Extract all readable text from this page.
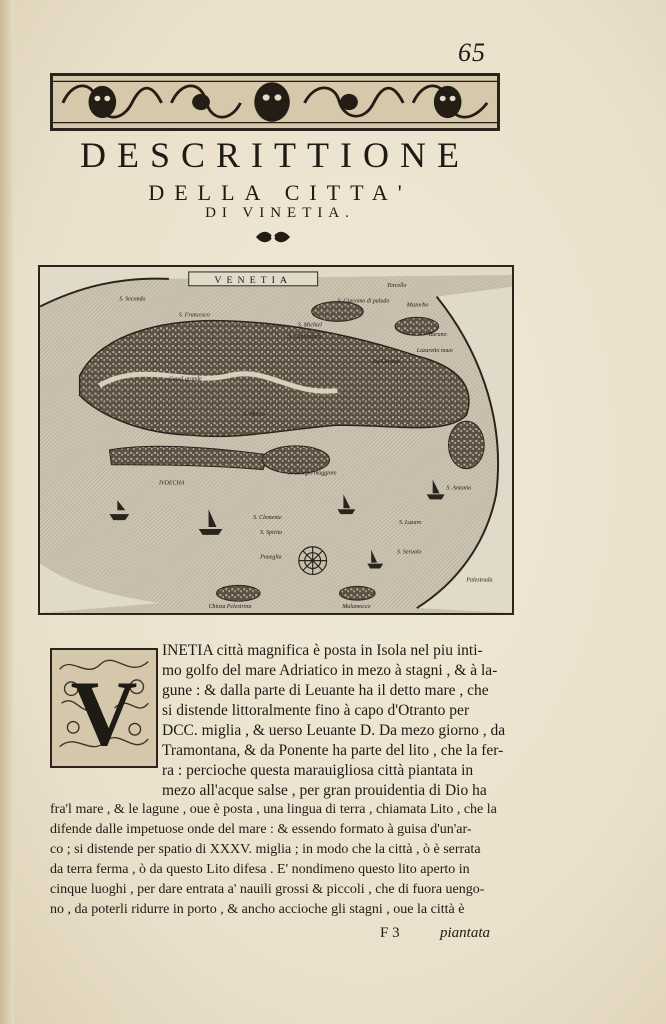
65
DESCRITTIONE
DELLA CITTA'
DI VINETIA.
VENETIA	Torcello
S. Secondo
S. Christoforo
S. Michiel
S. Giacomo di paludo
Mazorbo
Burano
Lazaretto nouo
La Certosa
S. Francesco
S. Marco
Canal grande
S. Giorgio maggiore
S. Lazaro
S. Seruolo
S. Clemente
S. Spirito
Poueglia
IVDECHA
S. Antonio
Palestrada
Malamocco
Chioza Pelestrina
V
INETIA città magnifica è posta in Isola nel piu inti-
mo golfo del mare Adriatico in mezo à stagni , & à la-
gune : & dalla parte di Leuante ha il detto mare , che
si distende littoralmente fino à capo d'Otranto per
DCC. miglia , & uerso Leuante D. Da mezo giorno , da
Tramontana, & da Ponente ha parte del lito , che la fer-
ra : percioche questa marauigliosa città piantata in
mezo all'acque salse , per gran prouidentia di Dio ha
fra'l mare , & le lagune , oue è posta , una lingua di terra , chiamata Lito , che la
difende dalle impetuose onde del mare : & essendo formato à guisa d'un'ar-
co ; si distende per spatio di XXXV. miglia ; in modo che la città , ò è serrata
da terra ferma , ò da questo Lito difesa . E' nondimeno questo lito aperto in
cinque luoghi , per dare entrata a' nauili grossi & piccoli , che di fuora uengo-
no , da poterli ridurre in porto , & ancho accioche gli stagni , oue la città è
F 3	piantata
